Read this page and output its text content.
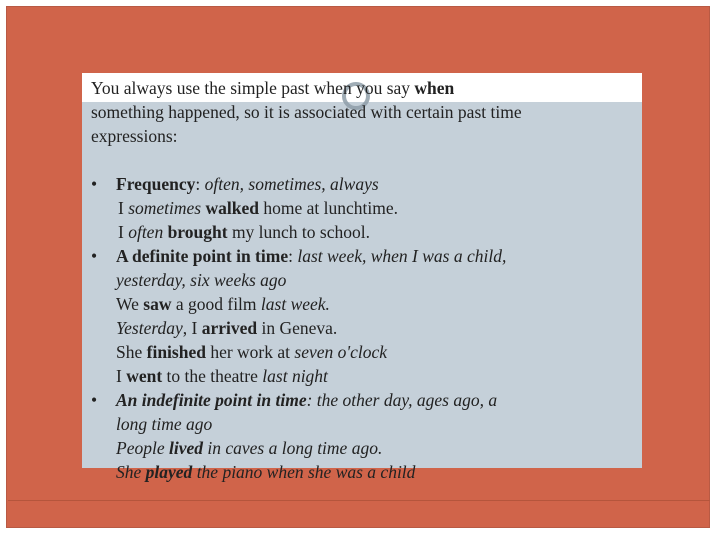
You always use the simple past when you say when
something happened, so it is associated with certain past time
expressions:
•	Frequency: often, sometimes, always
I sometimes walked home at lunchtime.
I often brought my lunch to school.
•	A definite point in time: last week, when I was a child,
yesterday, six weeks ago
We saw a good film last week.
Yesterday, I arrived in Geneva.
She finished her work at seven o'clock
I went to the theatre last night
•	An indefinite point in time: the other day, ages ago, a
long time ago
People lived in caves a long time ago.
She played the piano when she was a child
